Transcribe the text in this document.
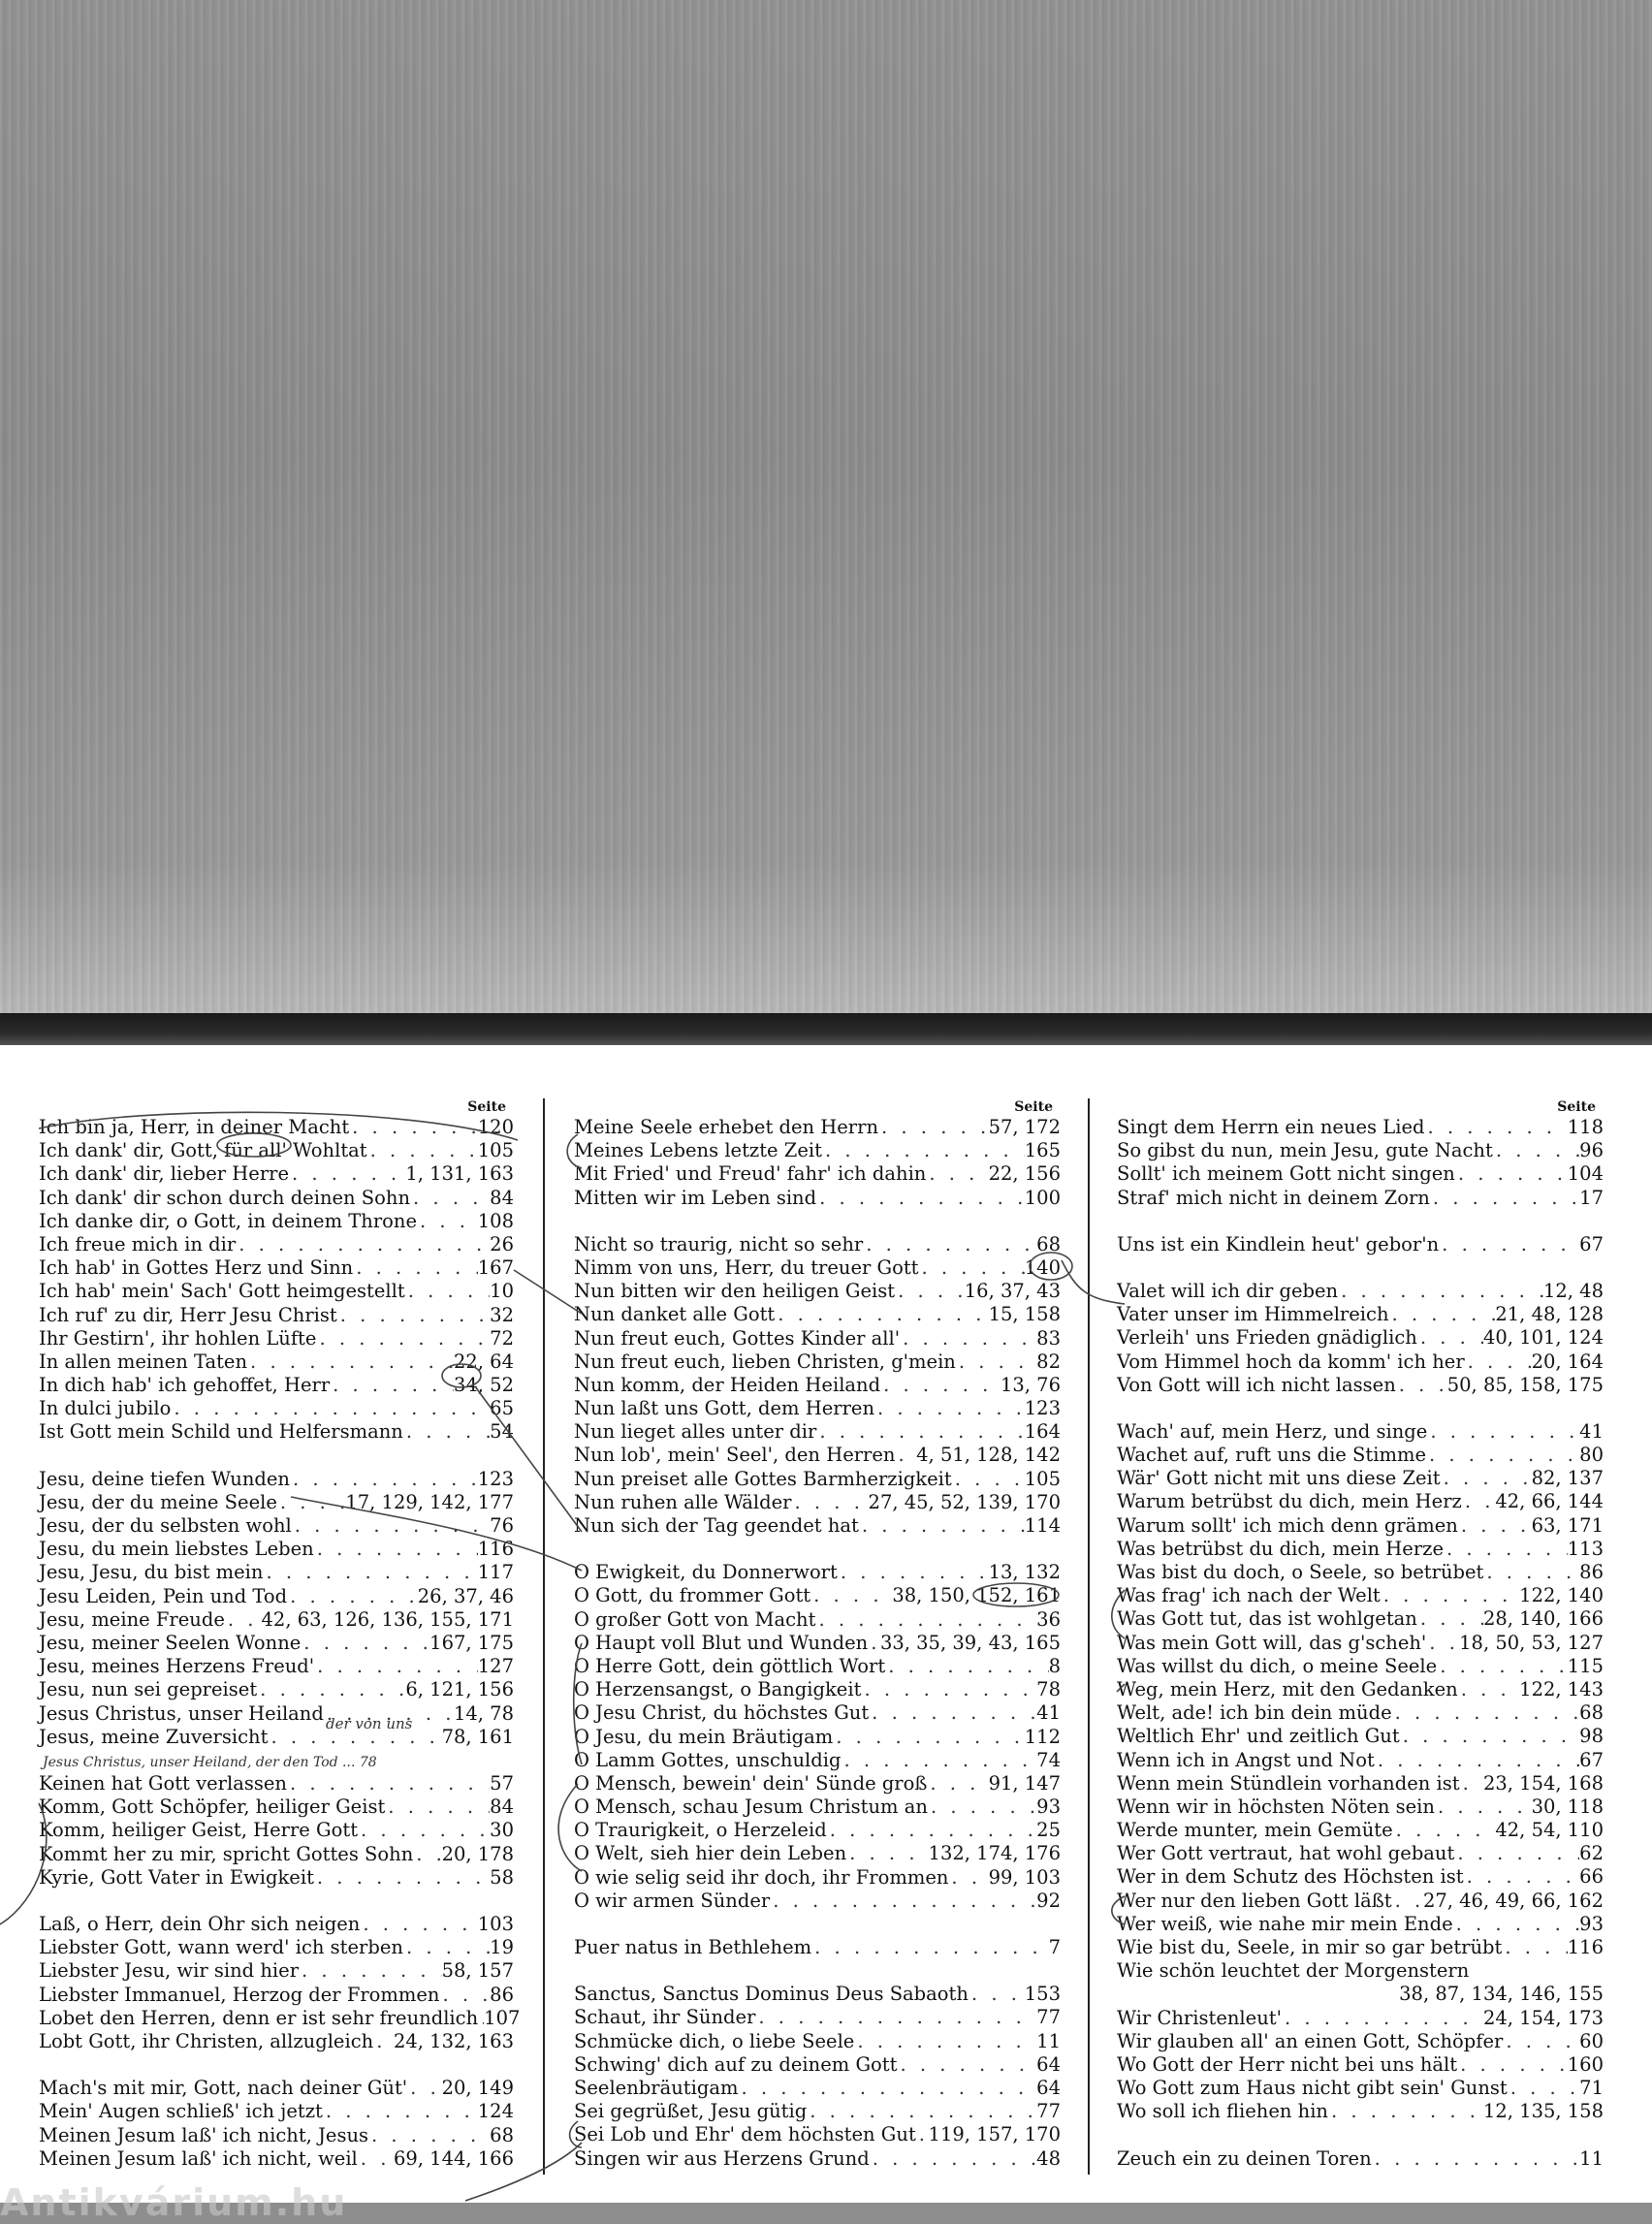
Seite
Ich bin ja, Herr, in deiner Macht . . .	120
Ich dank' dir, Gott, für all' Wohltat . . .	105
Ich dank' dir, lieber Herre . . .	1, 131, 163
Ich dank' dir schon durch deinen Sohn . . .	84
Ich danke dir, o Gott, in deinem Throne . . .	108
Ich freue mich in dir . . .	26
Ich hab' in Gottes Herz und Sinn . . .	167
Ich hab' mein' Sach' Gott heimgestellt . . .	10
Ich ruf' zu dir, Herr Jesu Christ . . .	32
Ihr Gestirn', ihr hohlen Lüfte . . .	72
In allen meinen Taten . . .	22, 64
In dich hab' ich gehoffet, Herr . . .	34, 52
In dulci jubilo . . .	65
Ist Gott mein Schild und Helfersmann . . .	54
Jesu, deine tiefen Wunden . . .	123
Jesu, der du meine Seele . . .	17, 129, 142, 177
Jesu, der du selbsten wohl . . .	76
Jesu, du mein liebstes Leben . . .	116
Jesu, Jesu, du bist mein . . .	117
Jesu Leiden, Pein und Tod . . .	26, 37, 46
Jesu, meine Freude . . . 42, 63, 126, 136, 155, 171
Jesu, meiner Seelen Wonne . . .	167, 175
Jesu, meines Herzens Freud' . . .	127
Jesu, nun sei gepreiset . . .	6, 121, 156
Jesus Christus, unser Heiland . . .	14, 78
Jesus, meine Zuversicht . . .	78, 161
Keinen hat Gott verlassen . . .	57
Komm, Gott Schöpfer, heiliger Geist . . .	84
Komm, heiliger Geist, Herre Gott . . .	30
Kommt her zu mir, spricht Gottes Sohn . . . 20, 178
Kyrie, Gott Vater in Ewigkeit . . .	58
Laß, o Herr, dein Ohr sich neigen . . .	103
Liebster Gott, wann werd' ich sterben . . .	19
Liebster Jesu, wir sind hier . . .	58, 157
Liebster Immanuel, Herzog der Frommen . . .	86
Lobet den Herren, denn er ist sehr freundlich . . . 107
Lobt Gott, ihr Christen, allzugleich . . . 24, 132, 163
Mach's mit mir, Gott, nach deiner Güt' . . . 20, 149
Mein' Augen schließ' ich jetzt . . .	124
Meinen Jesum laß' ich nicht, Jesus . . .	68
Meinen Jesum laß' ich nicht, weil . . . 69, 144, 166
Seite
Meine Seele erhebet den Herrn . . .	57, 172
Meines Lebens letzte Zeit . . .	165
Mit Fried' und Freud' fahr' ich dahin . . .	22, 156
Mitten wir im Leben sind . . .	100
Nicht so traurig, nicht so sehr . . .	68
Nimm von uns, Herr, du treuer Gott . . .	140
Nun bitten wir den heiligen Geist . . .	16, 37, 43
Nun danket alle Gott . . .	15, 158
Nun freut euch, Gottes Kinder all' . . .	83
Nun freut euch, lieben Christen, g'mein . . .	82
Nun komm, der Heiden Heiland . . .	13, 76
Nun laßt uns Gott, dem Herren . . .	123
Nun lieget alles unter dir . . .	164
Nun lob', mein' Seel', den Herren . . . 4, 51, 128, 142
Nun preiset alle Gottes Barmherzigkeit . . .	105
Nun ruhen alle Wälder . . .	27, 45, 52, 139, 170
Nun sich der Tag geendet hat . . .	114
O Ewigkeit, du Donnerwort . . .	13, 132
O Gott, du frommer Gott . . .	38, 150, 152, 161
O großer Gott von Macht . . .	36
O Haupt voll Blut und Wunden . . . 33, 35, 39, 43, 165
O Herre Gott, dein göttlich Wort . . .	8
O Herzensangst, o Bangigkeit . . .	78
O Jesu Christ, du höchstes Gut . . .	41
O Jesu, du mein Bräutigam . . .	112
O Lamm Gottes, unschuldig . . .	74
O Mensch, bewein' dein' Sünde groß . . .	91, 147
O Mensch, schau Jesum Christum an . . .	93
O Traurigkeit, o Herzeleid . . .	25
O Welt, sieh hier dein Leben . . .	132, 174, 176
O wie selig seid ihr doch, ihr Frommen . . . 99, 103
O wir armen Sünder . . .	92
Puer natus in Bethlehem . . .	7
Sanctus, Sanctus Dominus Deus Sabaoth . . .	153
Schaut, ihr Sünder . . .	77
Schmücke dich, o liebe Seele . . .	11
Schwing' dich auf zu deinem Gott . . .	64
Seelenbräutigam . . .	64
Sei gegrüßet, Jesu gütig . . .	77
Sei Lob und Ehr' dem höchsten Gut . . . 119, 157, 170
Singen wir aus Herzens Grund . . .	48
Seite
Singt dem Herrn ein neues Lied . . .	118
So gibst du nun, mein Jesu, gute Nacht . . .	96
Sollt' ich meinem Gott nicht singen . . .	104
Straf' mich nicht in deinem Zorn . . .	17
Uns ist ein Kindlein heut' gebor'n . . .	67
Valet will ich dir geben . . .	12, 48
Vater unser im Himmelreich . . .	21, 48, 128
Verleih' uns Frieden gnädiglich . . .	40, 101, 124
Vom Himmel hoch da komm' ich her . . .	20, 164
Von Gott will ich nicht lassen . . .	50, 85, 158, 175
Wach' auf, mein Herz, und singe . . .	41
Wachet auf, ruft uns die Stimme . . .	80
Wär' Gott nicht mit uns diese Zeit . . .	82, 137
Warum betrübst du dich, mein Herz . . . 42, 66, 144
Warum sollt' ich mich denn grämen . . .	63, 171
Was betrübst du dich, mein Herze . . .	113
Was bist du doch, o Seele, so betrübet . . .	86
Was frag' ich nach der Welt . . .	122, 140
Was Gott tut, das ist wohlgetan . . .	28, 140, 166
Was mein Gott will, das g'scheh' . . . 18, 50, 53, 127
Was willst du dich, o meine Seele . . .	115
Weg, mein Herz, mit den Gedanken . . .	122, 143
Welt, ade! ich bin dein müde . . .	68
Weltlich Ehr' und zeitlich Gut . . .	98
Wenn ich in Angst und Not . . .	67
Wenn mein Stündlein vorhanden ist . . . 23, 154, 168
Wenn wir in höchsten Nöten sein . . .	30, 118
Werde munter, mein Gemüte . . .	42, 54, 110
Wer Gott vertraut, hat wohl gebaut . . .	62
Wer in dem Schutz des Höchsten ist . . .	66
Wer nur den lieben Gott läßt . . . 27, 46, 49, 66, 162
Wer weiß, wie nahe mir mein Ende . . .	93
Wie bist du, Seele, in mir so gar betrübt . . .	116
Wie schön leuchtet der Morgenstern
38, 87, 134, 146, 155
Wir Christenleut' . . .	24, 154, 173
Wir glauben all' an einen Gott, Schöpfer . . .	60
Wo Gott der Herr nicht bei uns hält . . .	160
Wo Gott zum Haus nicht gibt sein' Gunst . . .	71
Wo soll ich fliehen hin . . .	12, 135, 158
Zeuch ein zu deinen Toren . . .	11
der von uns
Jesus Christus, unser Heiland, der den Tod ... 78
Antikvárium.hu
